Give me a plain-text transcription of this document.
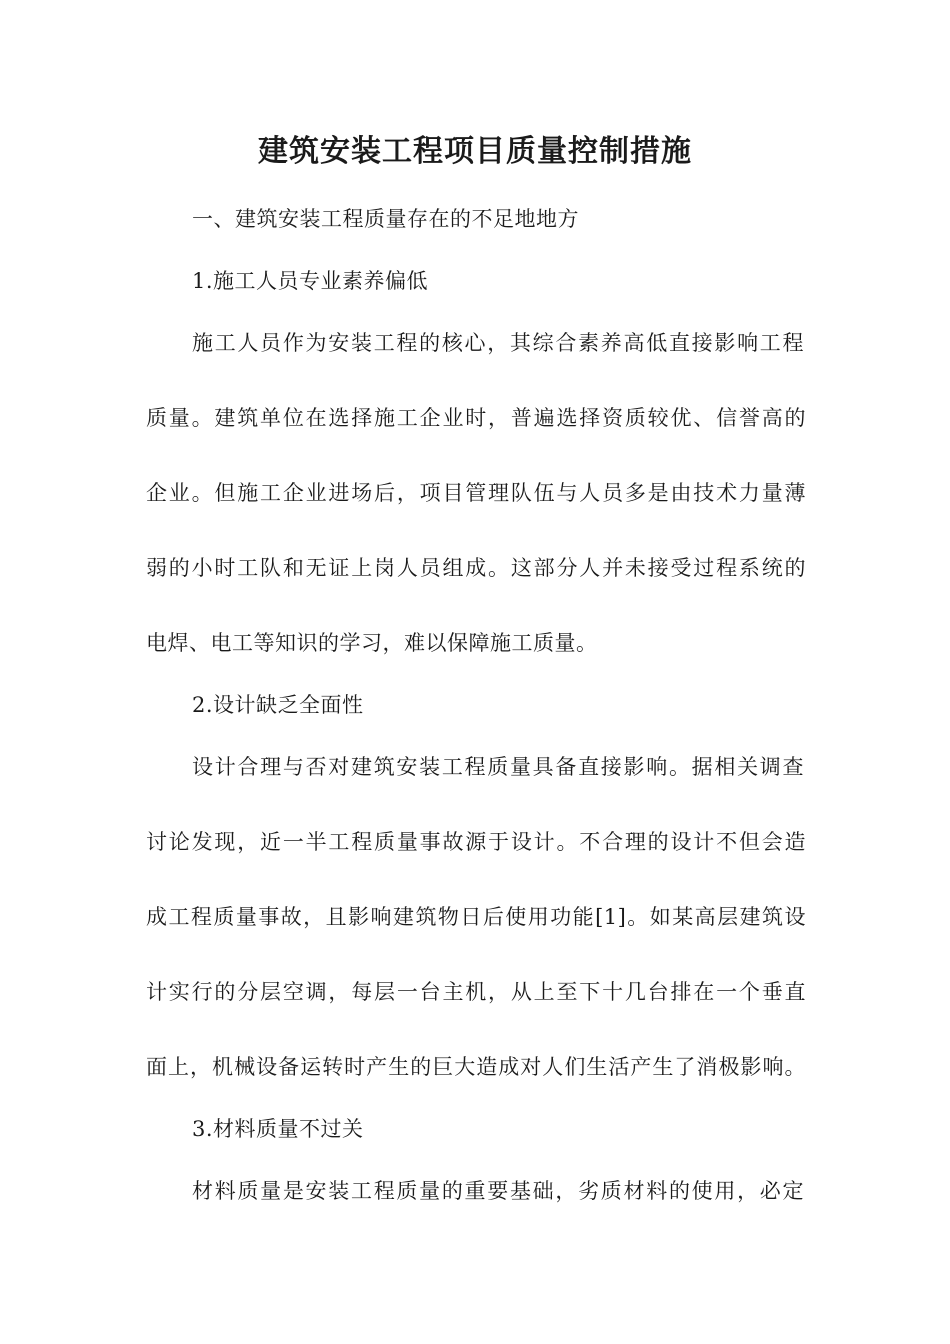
建筑安装工程项目质量控制措施
一、建筑安装工程质量存在的不足地地方
1.施工人员专业素养偏低
施工人员作为安装工程的核心，其综合素养高低直接影响工程
质量。建筑单位在选择施工企业时，普遍选择资质较优、信誉高的
企业。但施工企业进场后，项目管理队伍与人员多是由技术力量薄
弱的小时工队和无证上岗人员组成。这部分人并未接受过程系统的
电焊、电工等知识的学习，难以保障施工质量。
2.设计缺乏全面性
设计合理与否对建筑安装工程质量具备直接影响。据相关调查
讨论发现，近一半工程质量事故源于设计。不合理的设计不但会造
成工程质量事故，且影响建筑物日后使用功能[1]。如某高层建筑设
计实行的分层空调，每层一台主机，从上至下十几台排在一个垂直
面上，机械设备运转时产生的巨大造成对人们生活产生了消极影响。
3.材料质量不过关
材料质量是安装工程质量的重要基础，劣质材料的使用，必定
